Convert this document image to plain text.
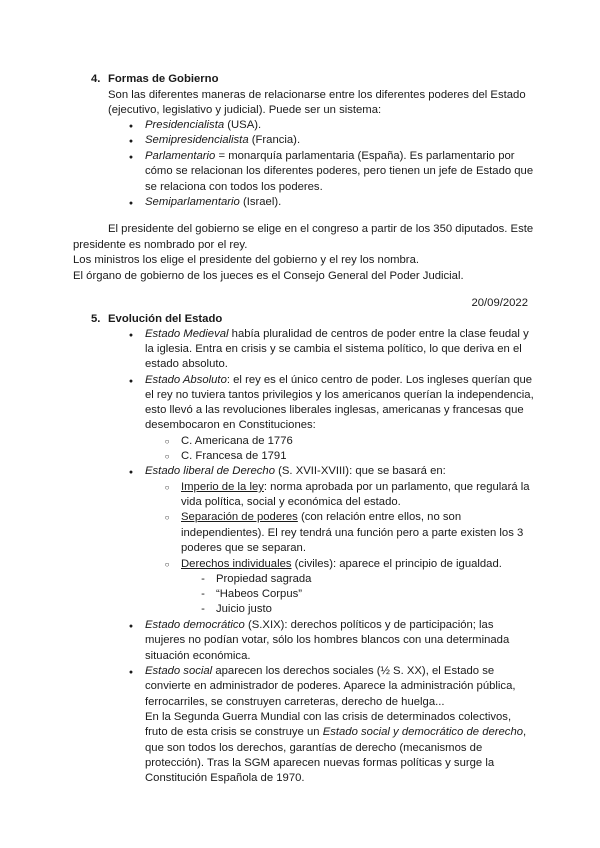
4. Formas de Gobierno
Son las diferentes maneras de relacionarse entre los diferentes poderes del Estado
(ejecutivo, legislativo y judicial). Puede ser un sistema:
●
Presidencialista (USA).
●
Semipresidencialista (Francia).
●
Parlamentario = monarquía parlamentaria (España). Es parlamentario por
cómo se relacionan los diferentes poderes, pero tienen un jefe de Estado que
se relaciona con todos los poderes.
●
Semiparlamentario (Israel).
El presidente del gobierno se elige en el congreso a partir de los 350 diputados. Este
presidente es nombrado por el rey.
Los ministros los elige el presidente del gobierno y el rey los nombra.
El órgano de gobierno de los jueces es el Consejo General del Poder Judicial.
20/09/2022
5. Evolución del Estado
●
Estado Medieval había pluralidad de centros de poder entre la clase feudal y
la iglesia. Entra en crisis y se cambia el sistema político, lo que deriva en el
estado absoluto.
●
Estado Absoluto: el rey es el único centro de poder. Los ingleses querían que
el rey no tuviera tantos privilegios y los americanos querían la independencia,
esto llevó a las revoluciones liberales inglesas, americanas y francesas que
desembocaron en Constituciones:
○
C. Americana de 1776
○
C. Francesa de 1791
●
Estado liberal de Derecho (S. XVII-XVIII): que se basará en:
○
Imperio de la ley: norma aprobada por un parlamento, que regulará la
vida política, social y económica del estado.
○
Separación de poderes (con relación entre ellos, no son
independientes). El rey tendrá una función pero a parte existen los 3
poderes que se separan.
○
Derechos individuales (civiles): aparece el principio de igualdad.
-
Propiedad sagrada
-
“Habeos Corpus”
-
Juicio justo
●
Estado democrático (S.XIX): derechos políticos y de participación; las
mujeres no podían votar, sólo los hombres blancos con una determinada
situación económica.
●
Estado social aparecen los derechos sociales (½ S. XX), el Estado se
convierte en administrador de poderes. Aparece la administración pública,
ferrocarriles, se construyen carreteras, derecho de huelga...
En la Segunda Guerra Mundial con las crisis de determinados colectivos,
fruto de esta crisis se construye un Estado social y democrático de derecho,
que son todos los derechos, garantías de derecho (mecanismos de
protección). Tras la SGM aparecen nuevas formas políticas y surge la
Constitución Española de 1970.
